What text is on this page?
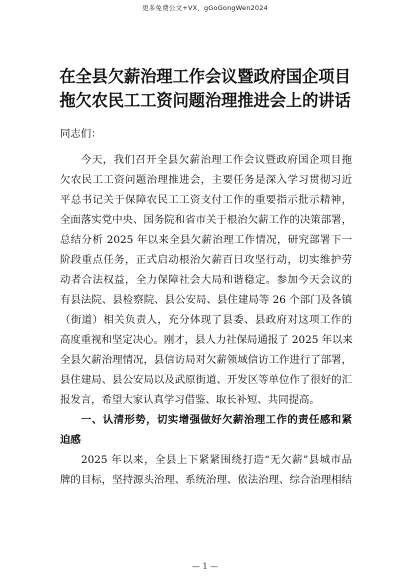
更多免费公文+VX，gGoGongWen2024
在全县欠薪治理工作会议暨政府国企项目
拖欠农民工工资问题治理推进会上的讲话
同志们：
今天，我们召开全县欠薪治理工作会议暨政府国企项目拖
欠农民工工资问题治理推进会，主要任务是深入学习贯彻习近
平总书记关于保障农民工工资支付工作的重要指示批示精神，
全面落实党中央、国务院和省市关于根治欠薪工作的决策部署，
总结分析 2025 年以来全县欠薪治理工作情况，研究部署下一
阶段重点任务，正式启动根治欠薪百日攻坚行动，切实维护劳
动者合法权益，全力保障社会大局和谐稳定。参加今天会议的
有县法院、县检察院、县公安局、县住建局等 26 个部门及各镇
（街道）相关负责人，充分体现了县委、县政府对这项工作的
高度重视和坚定决心。刚才，县人力社保局通报了 2025 年以来
全县欠薪治理情况，县信访局对欠薪领域信访工作进行了部署，
县住建局、县公安局以及武原街道、开发区等单位作了很好的汇
报发言，希望大家认真学习借鉴、取长补短、共同提高。
一、认清形势，切实增强做好欠薪治理工作的责任感和紧
迫感
2025 年以来，全县上下紧紧围绕打造“无欠薪”县城市品
牌的目标，坚持源头治理、系统治理、依法治理、综合治理相结
— 1 —
